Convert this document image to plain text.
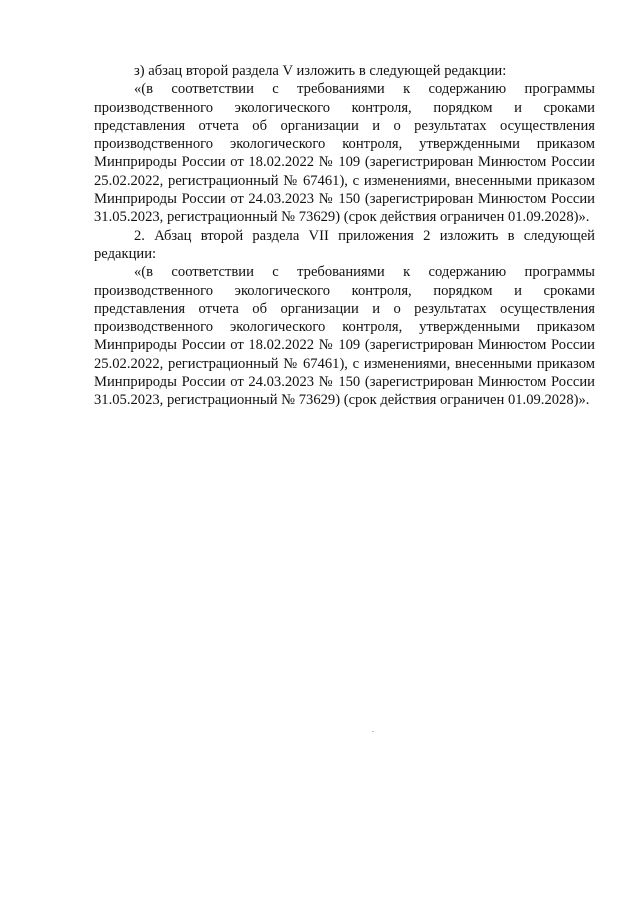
з) абзац второй раздела V изложить в следующей редакции:

«(в соответствии с требованиями к содержанию программы производственного экологического контроля, порядком и сроками представления отчета об организации и о результатах осуществления производственного экологического контроля, утвержденными приказом Минприроды России от 18.02.2022 № 109 (зарегистрирован Минюстом России 25.02.2022, регистрационный № 67461), с изменениями, внесенными приказом Минприроды России от 24.03.2023 № 150 (зарегистрирован Минюстом России 31.05.2023, регистрационный № 73629) (срок действия ограничен 01.09.2028)».

2. Абзац второй раздела VII приложения 2 изложить в следующей редакции:

«(в соответствии с требованиями к содержанию программы производственного экологического контроля, порядком и сроками представления отчета об организации и о результатах осуществления производственного экологического контроля, утвержденными приказом Минприроды России от 18.02.2022 № 109 (зарегистрирован Минюстом России 25.02.2022, регистрационный № 67461), с изменениями, внесенными приказом Минприроды России от 24.03.2023 № 150 (зарегистрирован Минюстом России 31.05.2023, регистрационный № 73629) (срок действия ограничен 01.09.2028)».
